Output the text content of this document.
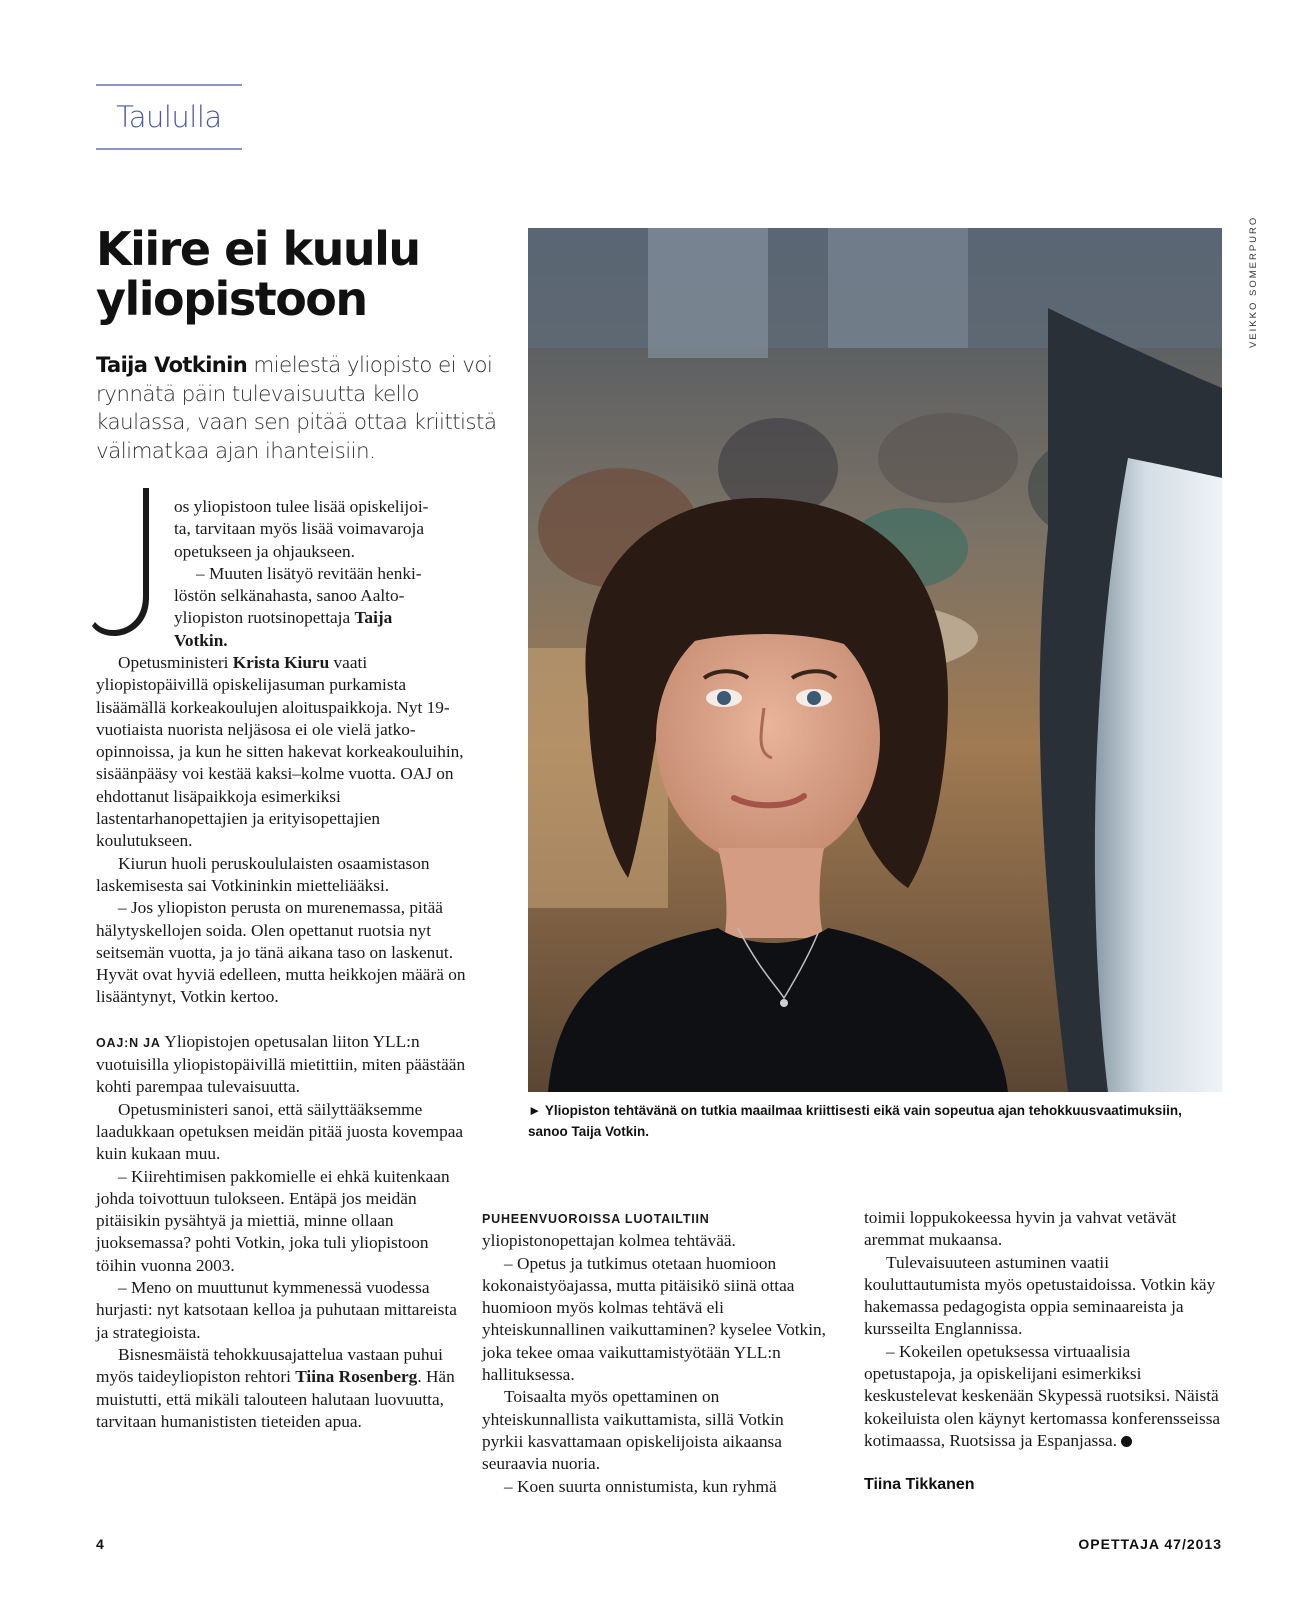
Taululla
Kiire ei kuulu yliopistoon

Taija Votkinin mielestä yliopisto ei voi rynnätä päin tulevaisuutta kello kaulassa, vaan sen pitää ottaa kriittistä välimatkaa ajan ihanteisiin.

os yliopistoon tulee lisää opiskelijoi-

ta, tarvitaan myös lisää voimavaroja

opetukseen ja ohjaukseen.

– Muuten lisätyö revitään henki-

löstön selkänahasta, sanoo Aalto-

yliopiston ruotsinopettaja Taija

Votkin.

Opetusministeri Krista Kiuru vaati yliopistopäivillä opiskelijasuman purkamista lisäämällä korkeakoulujen aloituspaikkoja. Nyt 19-vuotiaista nuorista neljäsosa ei ole vielä jatko-opinnoissa, ja kun he sitten hakevat korkeakouluihin, sisäänpääsy voi kestää kaksi–kolme vuotta. OAJ on ehdottanut lisäpaikkoja esimerkiksi lastentarhanopettajien ja erityisopettajien koulutukseen.

Kiurun huoli peruskoululaisten osaamistason laskemisesta sai Votkininkin mietteliääksi.

– Jos yliopiston perusta on murenemassa, pitää hälytyskellojen soida. Olen opettanut ruotsia nyt seitsemän vuotta, ja jo tänä aikana taso on laskenut. Hyvät ovat hyviä edelleen, mutta heikkojen määrä on lisääntynyt, Votkin kertoo.

OAJ:N JA Yliopistojen opetusalan liiton YLL:n vuotuisilla yliopistopäivillä mietittiin, miten päästään kohti parempaa tulevaisuutta.

Opetusministeri sanoi, että säilyttääksemme laadukkaan opetuksen meidän pitää juosta kovempaa kuin kukaan muu.

– Kiirehtimisen pakkomielle ei ehkä kuitenkaan johda toivottuun tulokseen. Entäpä jos meidän pitäisikin pysähtyä ja miettiä, minne ollaan juoksemassa? pohti Votkin, joka tuli yliopistoon töihin vuonna 2003.

– Meno on muuttunut kymmenessä vuodessa hurjasti: nyt katsotaan kelloa ja puhutaan mittareista ja strategioista.

Bisnesmäistä tehokkuusajattelua vastaan puhui myös taideyliopiston rehtori Tiina Rosenberg. Hän muistutti, että mikäli talouteen halutaan luovuutta, tarvitaan humanististen tieteiden apua.

VEIKKO SOMERPURO

► Yliopiston tehtävänä on tutkia maailmaa kriittisesti eikä vain sopeutua ajan tehokkuusvaatimuksiin, sanoo Taija Votkin.

PUHEENVUOROISSA LUOTAILTIIN yliopistonopettajan kolmea tehtävää.

– Opetus ja tutkimus otetaan huomioon kokonaistyöajassa, mutta pitäisikö siinä ottaa huomioon myös kolmas tehtävä eli yhteiskunnallinen vaikuttaminen? kyselee Votkin, joka tekee omaa vaikuttamistyötään YLL:n hallituksessa.

Toisaalta myös opettaminen on yhteiskunnallista vaikuttamista, sillä Votkin pyrkii kasvattamaan opiskelijoista aikaansa seuraavia nuoria.

– Koen suurta onnistumista, kun ryhmä

toimii loppukokeessa hyvin ja vahvat vetävät aremmat mukaansa.

Tulevaisuuteen astuminen vaatii kouluttautumista myös opetustaidoissa. Votkin käy hakemassa pedagogista oppia seminaareista ja kursseilta Englannissa.

– Kokeilen opetuksessa virtuaalisia opetustapoja, ja opiskelijani esimerkiksi keskustelevat keskenään Skypessä ruotsiksi. Näistä kokeiluista olen käynyt kertomassa konferensseissa kotimaassa, Ruotsissa ja Espanjassa.

Tiina Tikkanen

4	OPETTAJA 47/2013
